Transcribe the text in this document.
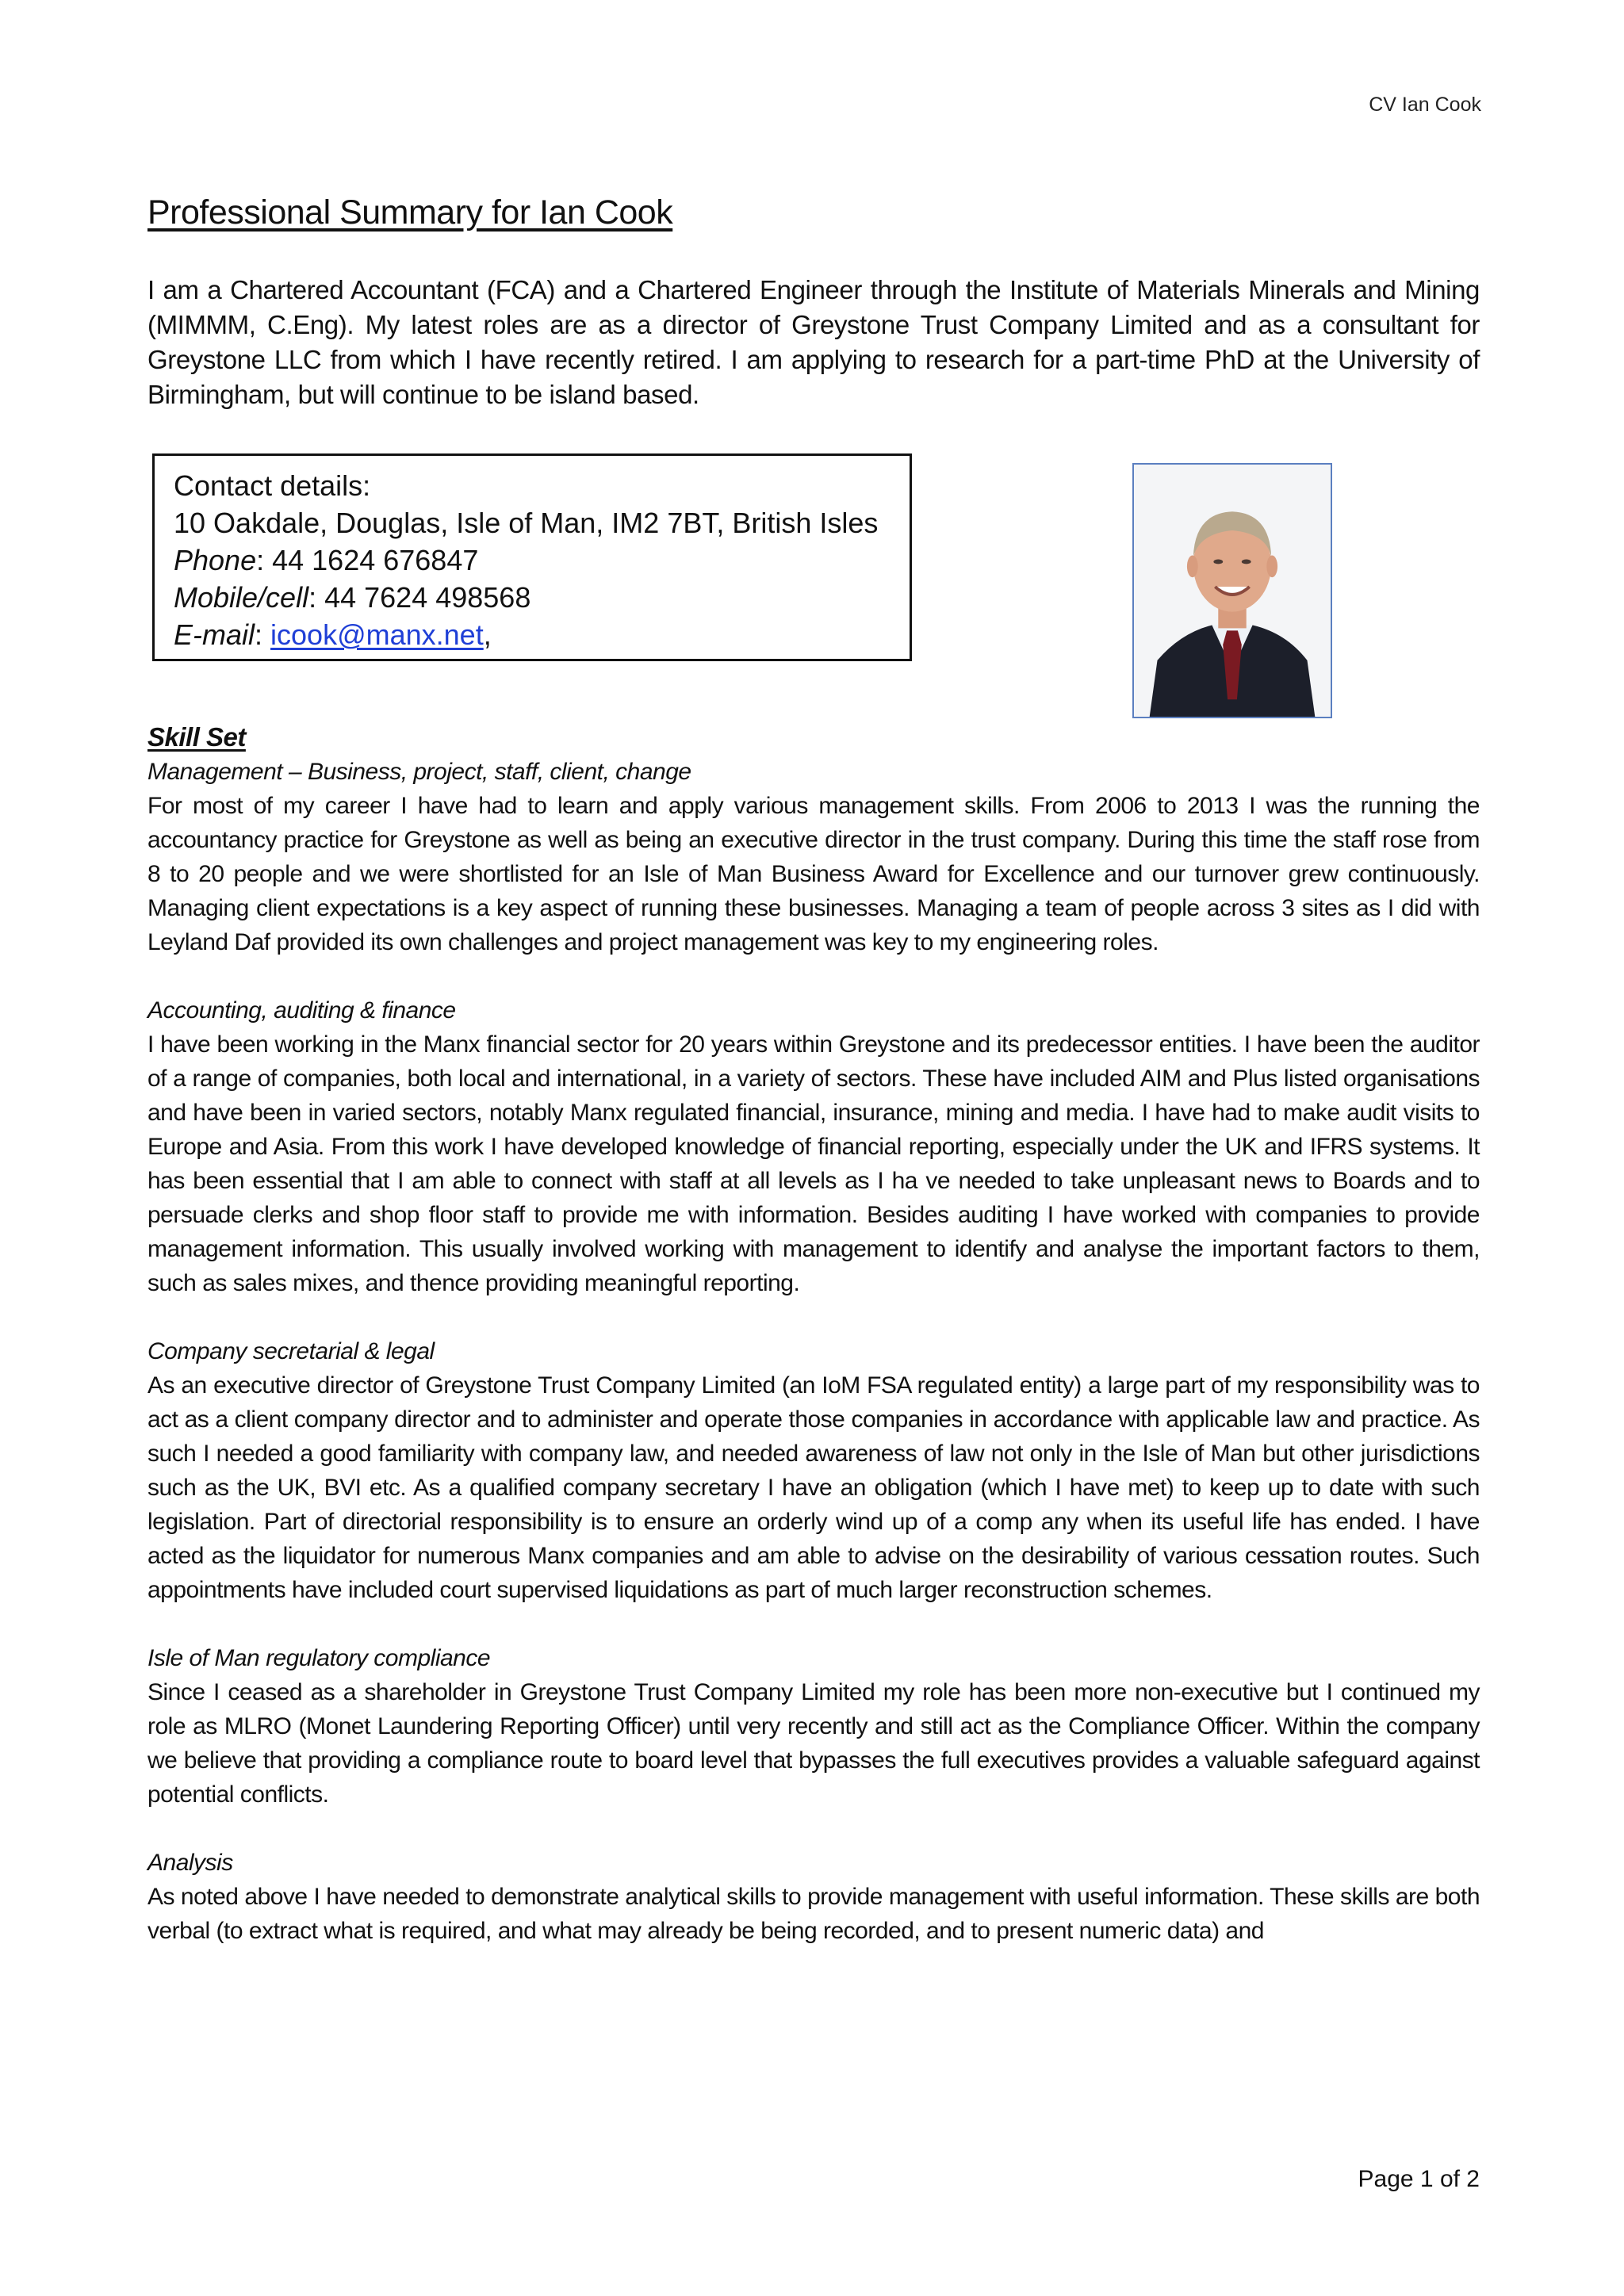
CV Ian Cook
Professional Summary for Ian Cook

I am a Chartered Accountant (FCA) and a Chartered Engineer through the Institute of Materials Minerals and Mining (MIMMM, C.Eng). My latest roles are as a director of Greystone Trust Company Limited and as a consultant for Greystone LLC from which I have recently retired. I am applying to research for a part-time PhD at the University of Birmingham, but will continue to be island based.

Contact details:
10 Oakdale, Douglas, Isle of Man, IM2 7BT, British Isles
Phone: 44 1624 676847
Mobile/cell: 44 7624 498568
E-mail: icook@manx.net,
Skill Set
Management – Business, project, staff, client, change

For most of my career I have had to learn and apply various management skills. From 2006 to 2013 I was the running the accountancy practice for Greystone as well as being an executive director in the trust company. During this time the staff rose from 8 to 20 people and we were shortlisted for an Isle of Man Business Award for Excellence and our turnover grew continuously. Managing client expectations is a key aspect of running these businesses. Managing a team of people across 3 sites as I did with Leyland Daf provided its own challenges and project management was key to my engineering roles.

Accounting, auditing & finance

I have been working in the Manx financial sector for 20 years within Greystone and its predecessor entities. I have been the auditor of a range of companies, both local and international, in a variety of sectors. These have included AIM and Plus listed organisations and have been in varied sectors, notably Manx regulated financial, insurance, mining and media. I have had to make audit visits to Europe and Asia. From this work I have developed knowledge of financial reporting, especially under the UK and IFRS systems. It has been essential that I am able to connect with staff at all levels as I ha ve needed to take unpleasant news to Boards and to persuade clerks and shop floor staff to provide me with information. Besides auditing I have worked with companies to provide management information. This usually involved working with management to identify and analyse the important factors to them, such as sales mixes, and thence providing meaningful reporting.

Company secretarial & legal

As an executive director of Greystone Trust Company Limited (an IoM FSA regulated entity) a large part of my responsibility was to act as a client company director and to administer and operate those companies in accordance with applicable law and practice. As such I needed a good familiarity with company law, and needed awareness of law not only in the Isle of Man but other jurisdictions such as the UK, BVI etc. As a qualified company secretary I have an obligation (which I have met) to keep up to date with such legislation. Part of directorial responsibility is to ensure an orderly wind up of a comp any when its useful life has ended. I have acted as the liquidator for numerous Manx companies and am able to advise on the desirability of various cessation routes. Such appointments have included court supervised liquidations as part of much larger reconstruction schemes.

Isle of Man regulatory compliance

Since I ceased as a shareholder in Greystone Trust Company Limited my role has been more non-executive but I continued my role as MLRO (Monet Laundering Reporting Officer) until very recently and still act as the Compliance Officer. Within the company we believe that providing a compliance route to board level that bypasses the full executives provides a valuable safeguard against potential conflicts.

Analysis

As noted above I have needed to demonstrate analytical skills to provide management with useful information. These skills are both verbal (to extract what is required, and what may already be being recorded, and to present numeric data) and

Page 1 of 2
